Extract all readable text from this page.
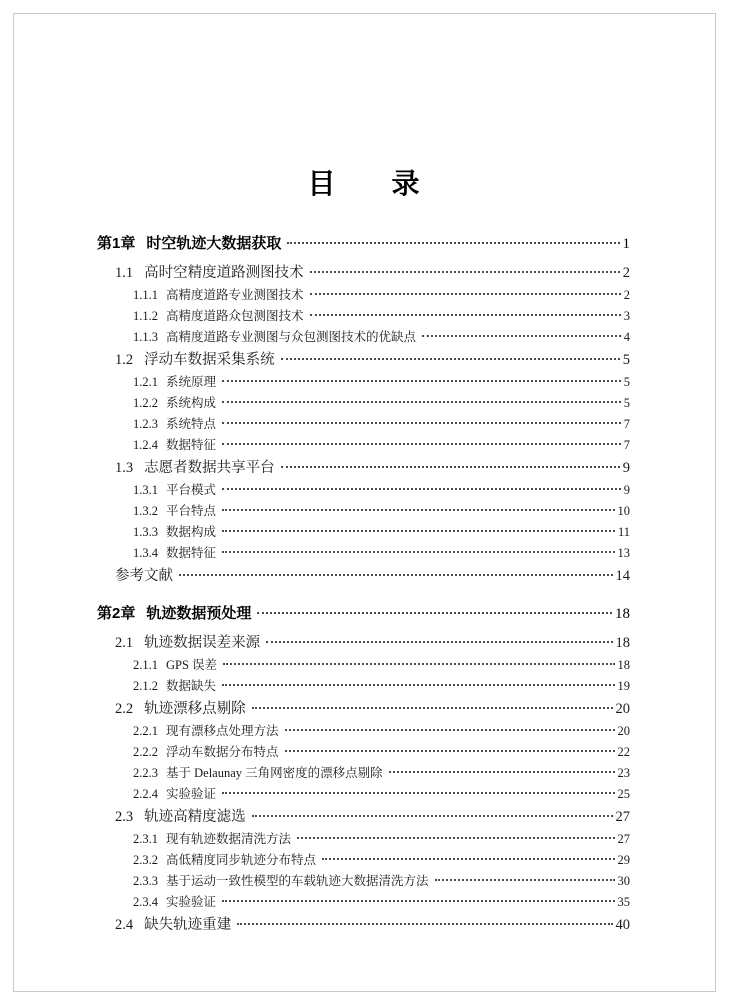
目　　录
第1章 时空轨迹大数据获取	1
1.1 高时空精度道路测图技术	2
1.1.1 高精度道路专业测图技术	2
1.1.2 高精度道路众包测图技术	3
1.1.3 高精度道路专业测图与众包测图技术的优缺点	4
1.2 浮动车数据采集系统	5
1.2.1 系统原理	5
1.2.2 系统构成	5
1.2.3 系统特点	7
1.2.4 数据特征	7
1.3 志愿者数据共享平台	9
1.3.1 平台模式	9
1.3.2 平台特点	10
1.3.3 数据构成	11
1.3.4 数据特征	13
参考文献	14
第2章 轨迹数据预处理	18
2.1 轨迹数据误差来源	18
2.1.1 GPS 误差	18
2.1.2 数据缺失	19
2.2 轨迹漂移点剔除	20
2.2.1 现有漂移点处理方法	20
2.2.2 浮动车数据分布特点	22
2.2.3 基于 Delaunay 三角网密度的漂移点剔除	23
2.2.4 实验验证	25
2.3 轨迹高精度滤选	27
2.3.1 现有轨迹数据清洗方法	27
2.3.2 高低精度同步轨迹分布特点	29
2.3.3 基于运动一致性模型的车载轨迹大数据清洗方法	30
2.3.4 实验验证	35
2.4 缺失轨迹重建	40
